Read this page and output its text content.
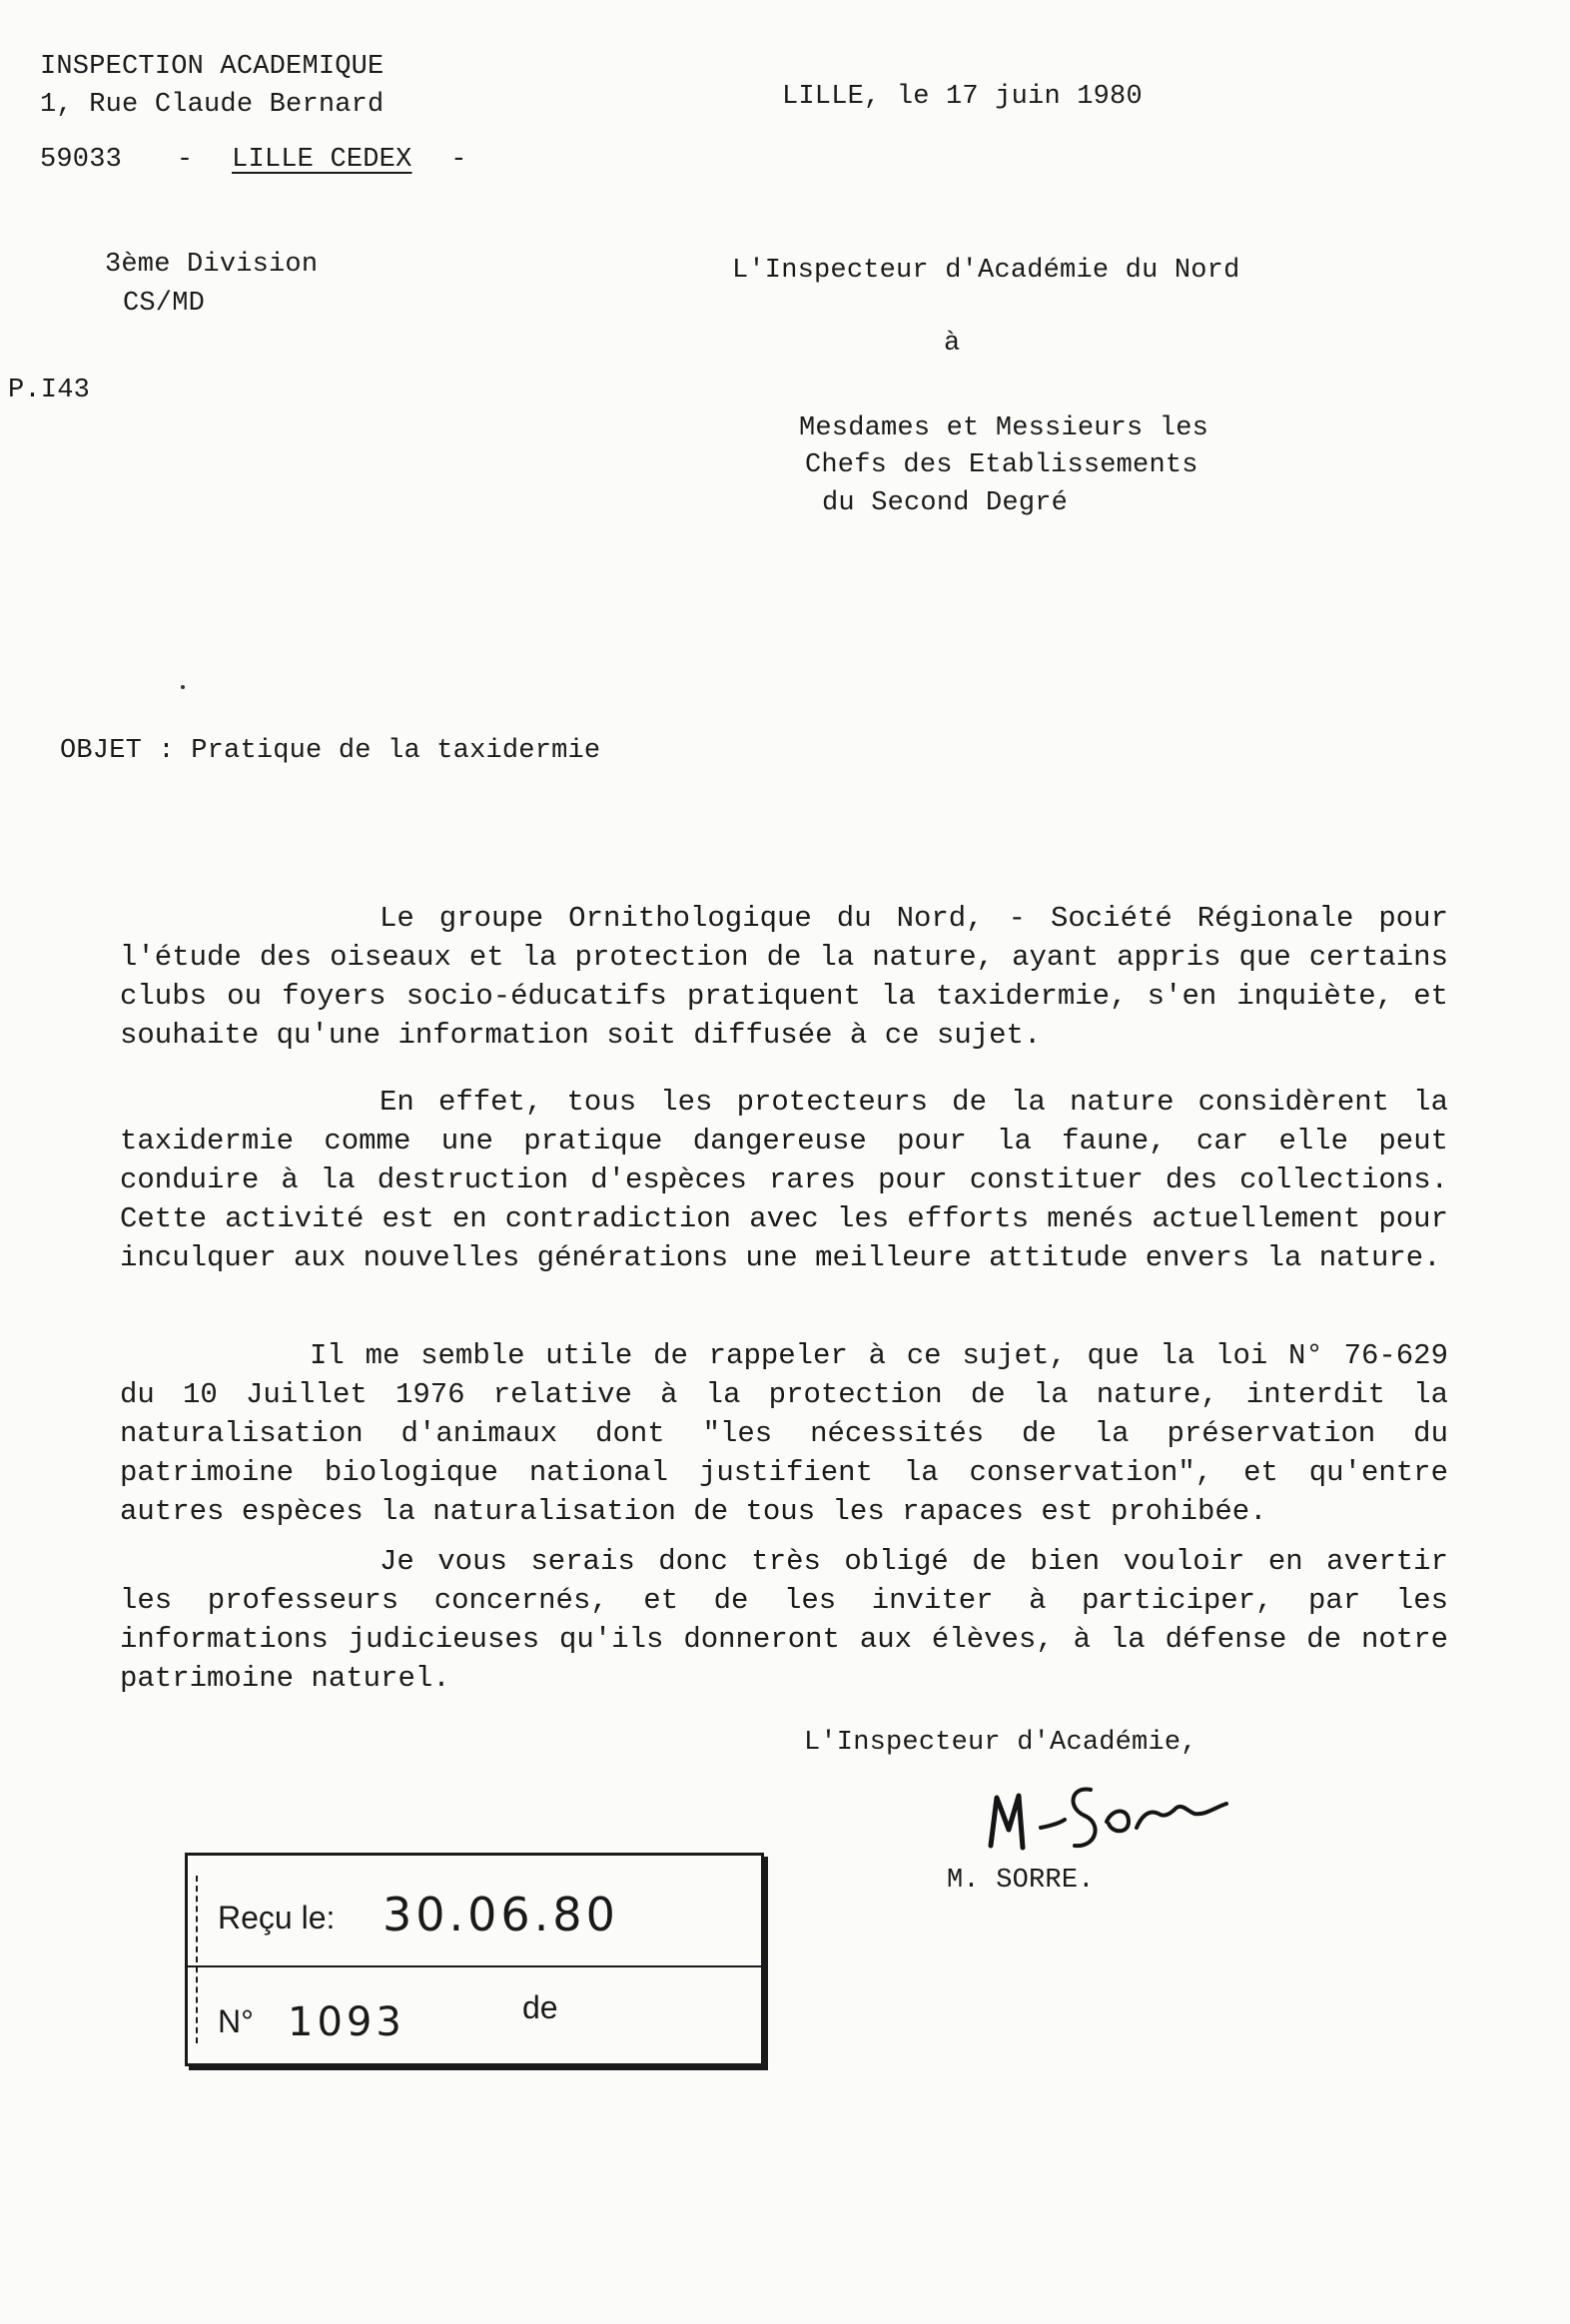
INSPECTION ACADEMIQUE
1, Rue Claude Bernard
59033 - LILLE CEDEX -
LILLE, le 17 juin 1980
3ème Division
CS/MD
P.I43
L'Inspecteur d'Académie du Nord
à
Mesdames et Messieurs les
Chefs des Etablissements
du Second Degré
OBJET : Pratique de la taxidermie
Le groupe Ornithologique du Nord, - Société Régionale pour l'étude des oiseaux et la protection de la nature, ayant appris que certains clubs ou foyers socio-éducatifs pratiquent la taxidermie, s'en inquiète, et souhaite qu'une information soit diffusée à ce sujet.
En effet, tous les protecteurs de la nature considèrent la taxidermie comme une pratique dangereuse pour la faune, car elle peut conduire à la destruction d'espèces rares pour constituer des collections. Cette activité est en contradiction avec les efforts menés actuellement pour inculquer aux nouvelles générations une meilleure attitude envers la nature.
Il me semble utile de rappeler à ce sujet, que la loi N° 76-629 du 10 Juillet 1976 relative à la protection de la nature, interdit la naturalisation d'animaux dont "les nécessités de la préservation du patrimoine biologique national justifient la conservation", et qu'entre autres espèces la naturalisation de tous les rapaces est prohibée.
Je vous serais donc très obligé de bien vouloir en avertir les professeurs concernés, et de les inviter à participer, par les informations judicieuses qu'ils donneront aux élèves, à la défense de notre patrimoine naturel.
L'Inspecteur d'Académie,
M. SORRE.
Reçu le: 30.06.80
N° 1093	de
